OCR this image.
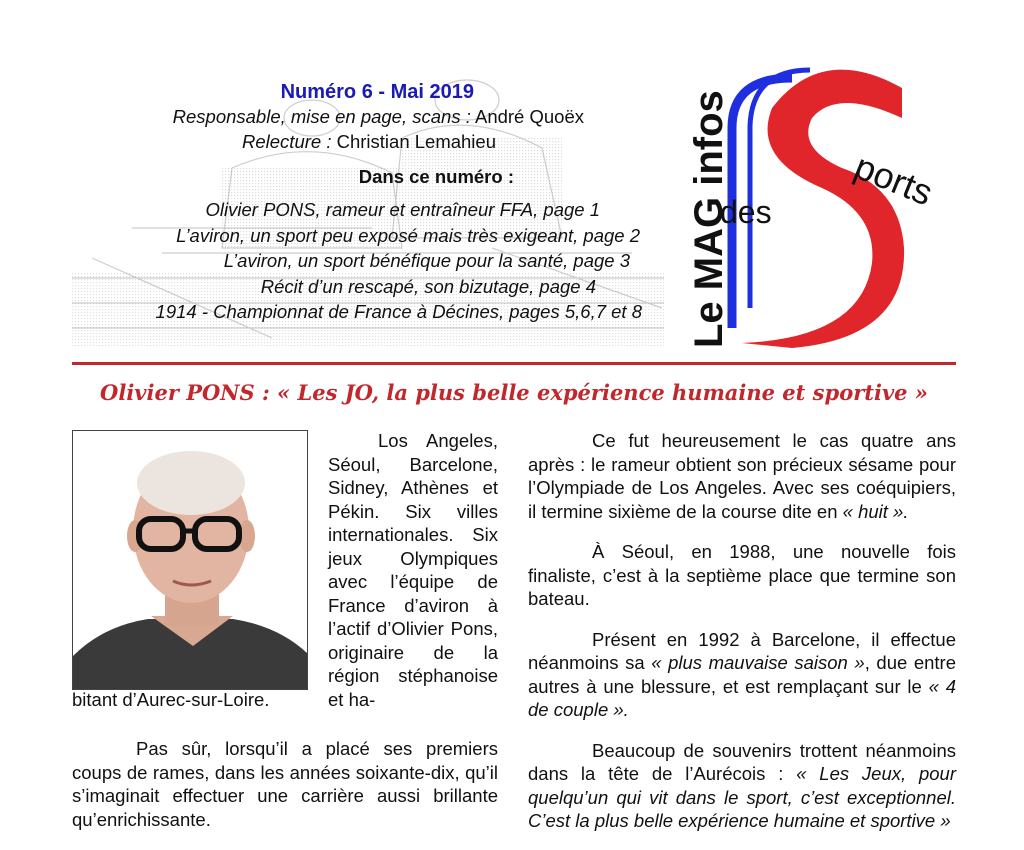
Numéro 6 - Mai 2019
Responsable, mise en page, scans : André Quoëx
Relecture : Christian Lemahieu
Dans ce numéro :
Olivier PONS, rameur et entraîneur FFA, page 1
L’aviron, un sport peu exposé mais très exigeant, page 2
L’aviron, un sport bénéfique pour la santé, page 3
Récit d’un rescapé, son bizutage, page 4
1914 - Championnat de France à Décines, pages 5,6,7 et 8	Le MAG infos
des ports
Olivier PONS : « Les JO, la plus belle expérience humaine et sportive »

Los Angeles, Séoul, Barcelone, Sidney, Athènes et Pékin. Six villes internationales. Six jeux Olympiques avec l’équipe de France d’aviron à l’actif d’Olivier Pons, originaire de la région stéphanoise et ha-

bitant d’Aurec-sur-Loire.

Pas sûr, lorsqu’il a placé ses premiers coups de rames, dans les années soixante-dix, qu’il s’imaginait effectuer une carrière aussi brillante qu’enrichissante.

Ce fut heureusement le cas quatre ans après : le rameur obtient son précieux sésame pour l’Olympiade de Los Angeles. Avec ses coéquipiers, il termine sixième de la course dite en « huit ».

À Séoul, en 1988, une nouvelle fois finaliste, c’est à la septième place que termine son bateau.

Présent en 1992 à Barcelone, il effectue néanmoins sa « plus mauvaise saison », due entre autres à une blessure, et est remplaçant sur le « 4 de couple ».

Beaucoup de souvenirs trottent néanmoins dans la tête de l’Aurécois : « Les Jeux, pour quelqu’un qui vit dans le sport, c’est exceptionnel. C’est la plus belle expérience humaine et sportive »
